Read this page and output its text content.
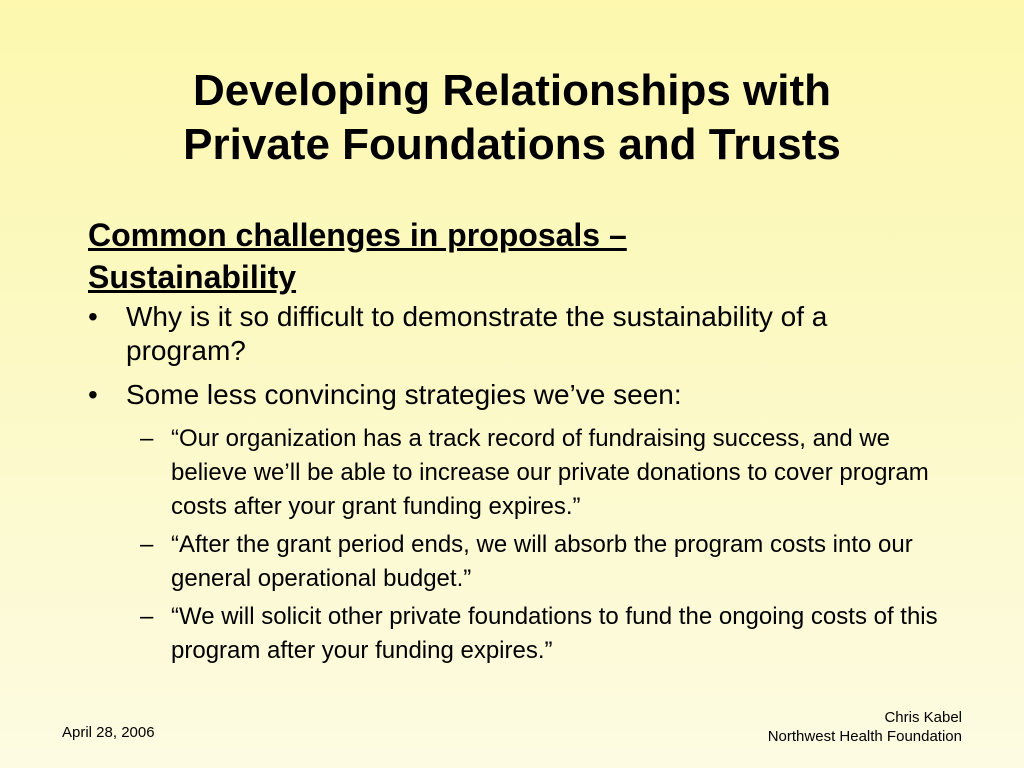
Developing Relationships with
Private Foundations and Trusts
Common challenges in proposals –
Sustainability
• Why is it so difficult to demonstrate the sustainability of a program?
• Some less convincing strategies we’ve seen:
– “Our organization has a track record of fundraising success, and we believe we’ll be able to increase our private donations to cover program costs after your grant funding expires.”
– “After the grant period ends, we will absorb the program costs into our general operational budget.”
– “We will solicit other private foundations to fund the ongoing costs of this program after your funding expires.”
April 28, 2006
Chris Kabel
Northwest Health Foundation
